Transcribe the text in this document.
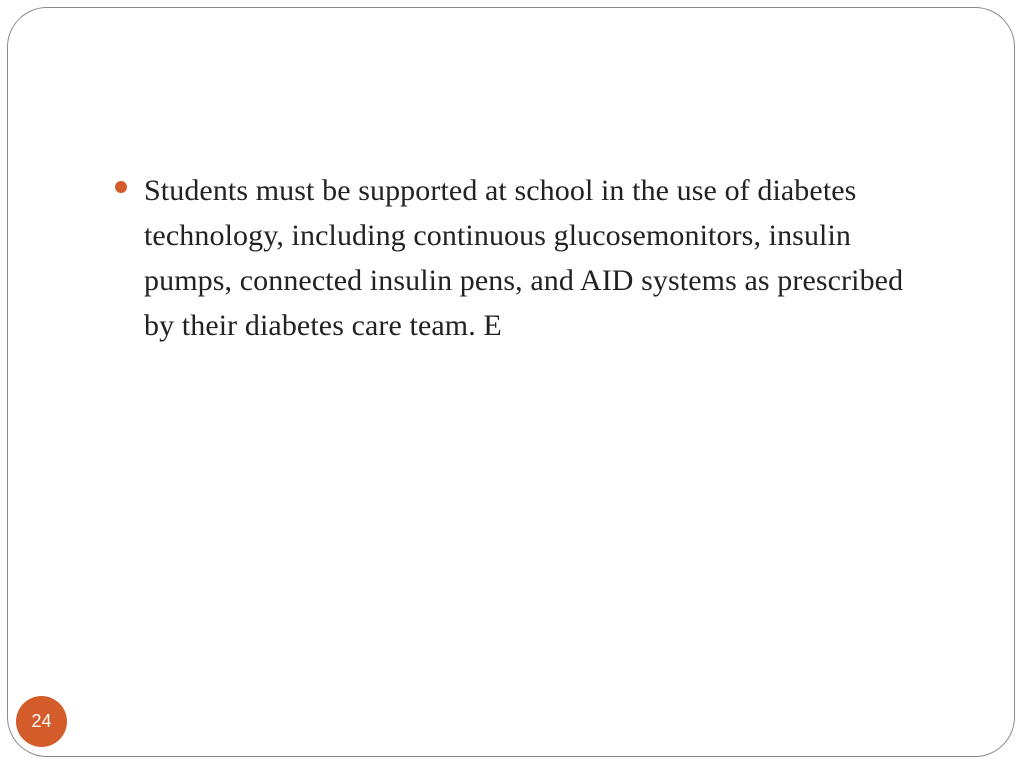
Students must be supported at school in the use of diabetes technology, including continuous glucosemonitors, insulin pumps, connected insulin pens, and AID systems as prescribed by their diabetes care team. E
24
